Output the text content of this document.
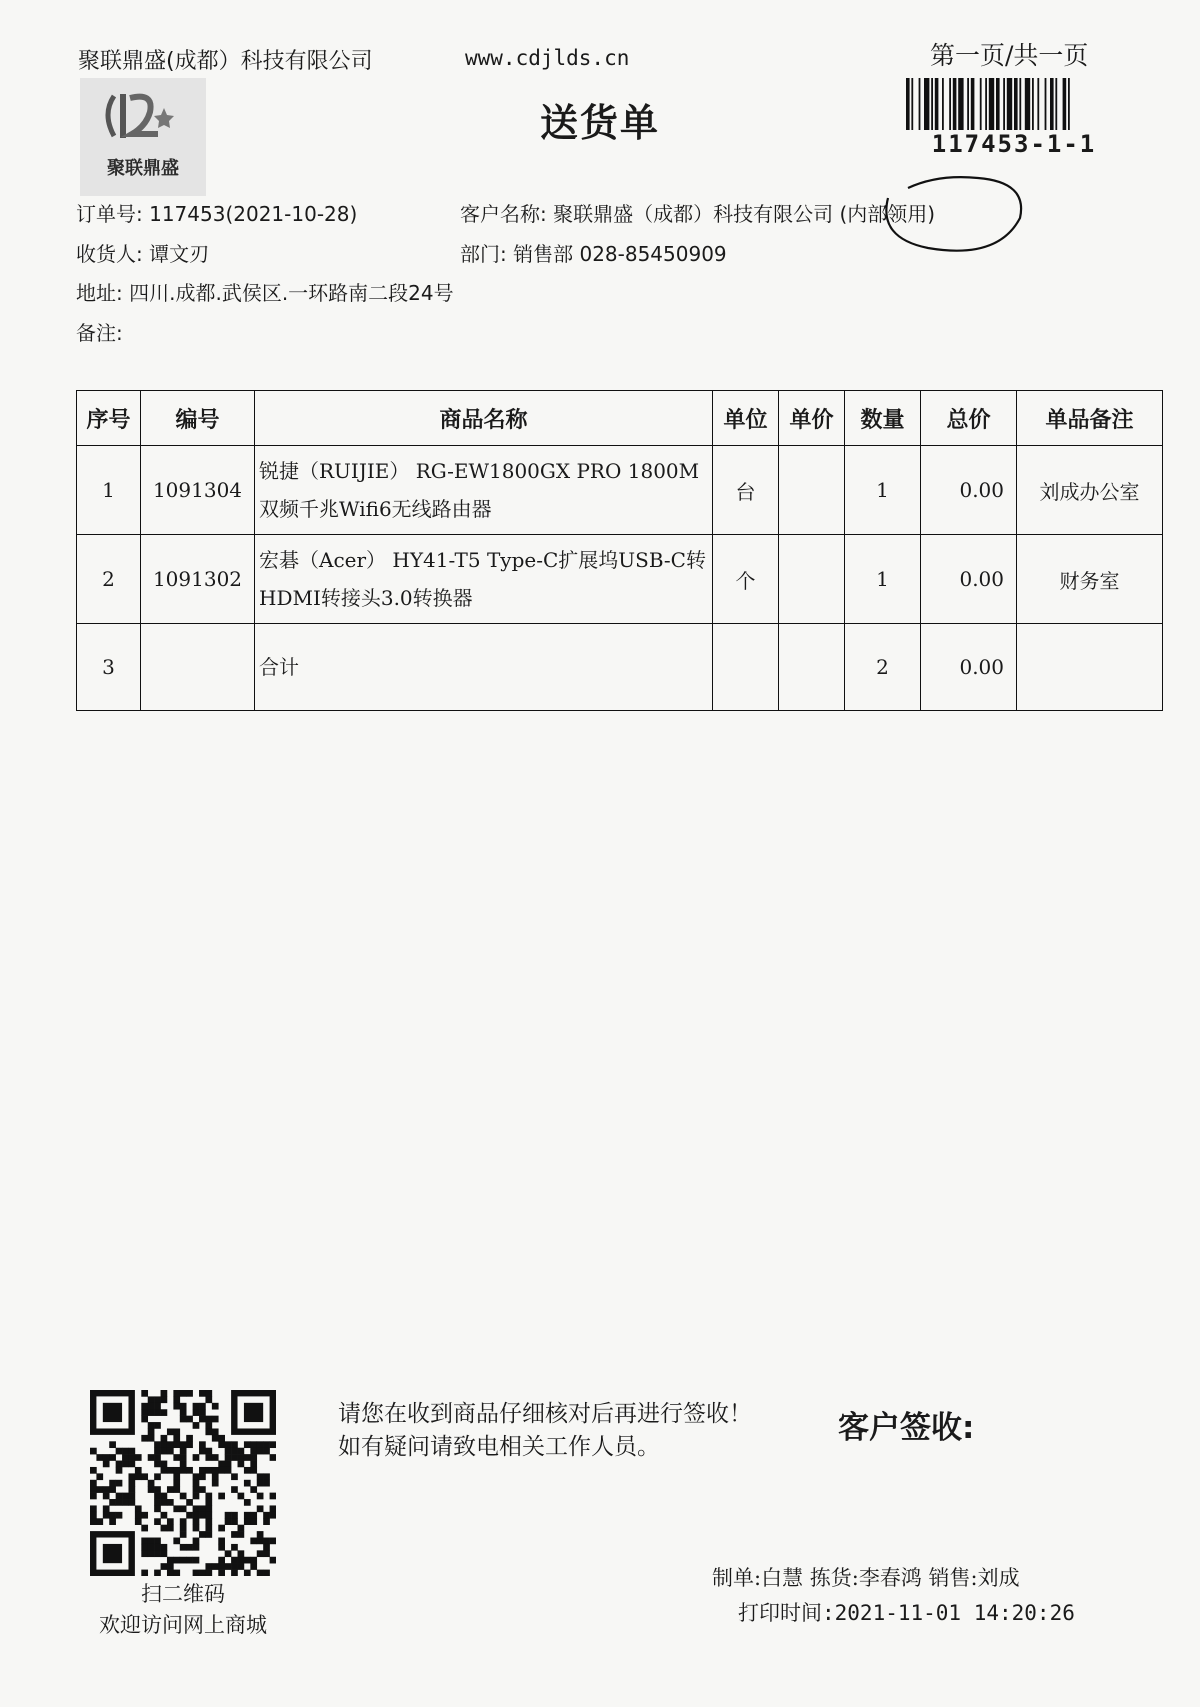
聚联鼎盛(成都）科技有限公司	www.cdjlds.cn	第一页/共一页
送货单
聚联鼎盛
117453-1-1
订单号: 117453(2021-10-28)
收货人: 谭文刃
地址: 四川.成都.武侯区.一环路南二段24号
备注:
客户名称: 聚联鼎盛（成都）科技有限公司 (内部领用)
部门: 销售部 028-85450909
序号	编号	商品名称	单位	单价	数量	总价	单品备注
1	1091304	锐捷（RUIJIE） RG-EW1800GX PRO 1800M双频千兆Wifi6无线路由器	台		1	0.00	刘成办公室
2	1091302	宏碁（Acer） HY41-T5 Type-C扩展坞USB-C转HDMI转接头3.0转换器	个		1	0.00	财务室
3		合计			2	0.00	
扫二维码
欢迎访问网上商城
请您在收到商品仔细核对后再进行签收！如有疑问请致电相关工作人员。
客户签收:
制单:白慧 拣货:李春鸿 销售:刘成
打印时间:2021-11-01 14:20:26
